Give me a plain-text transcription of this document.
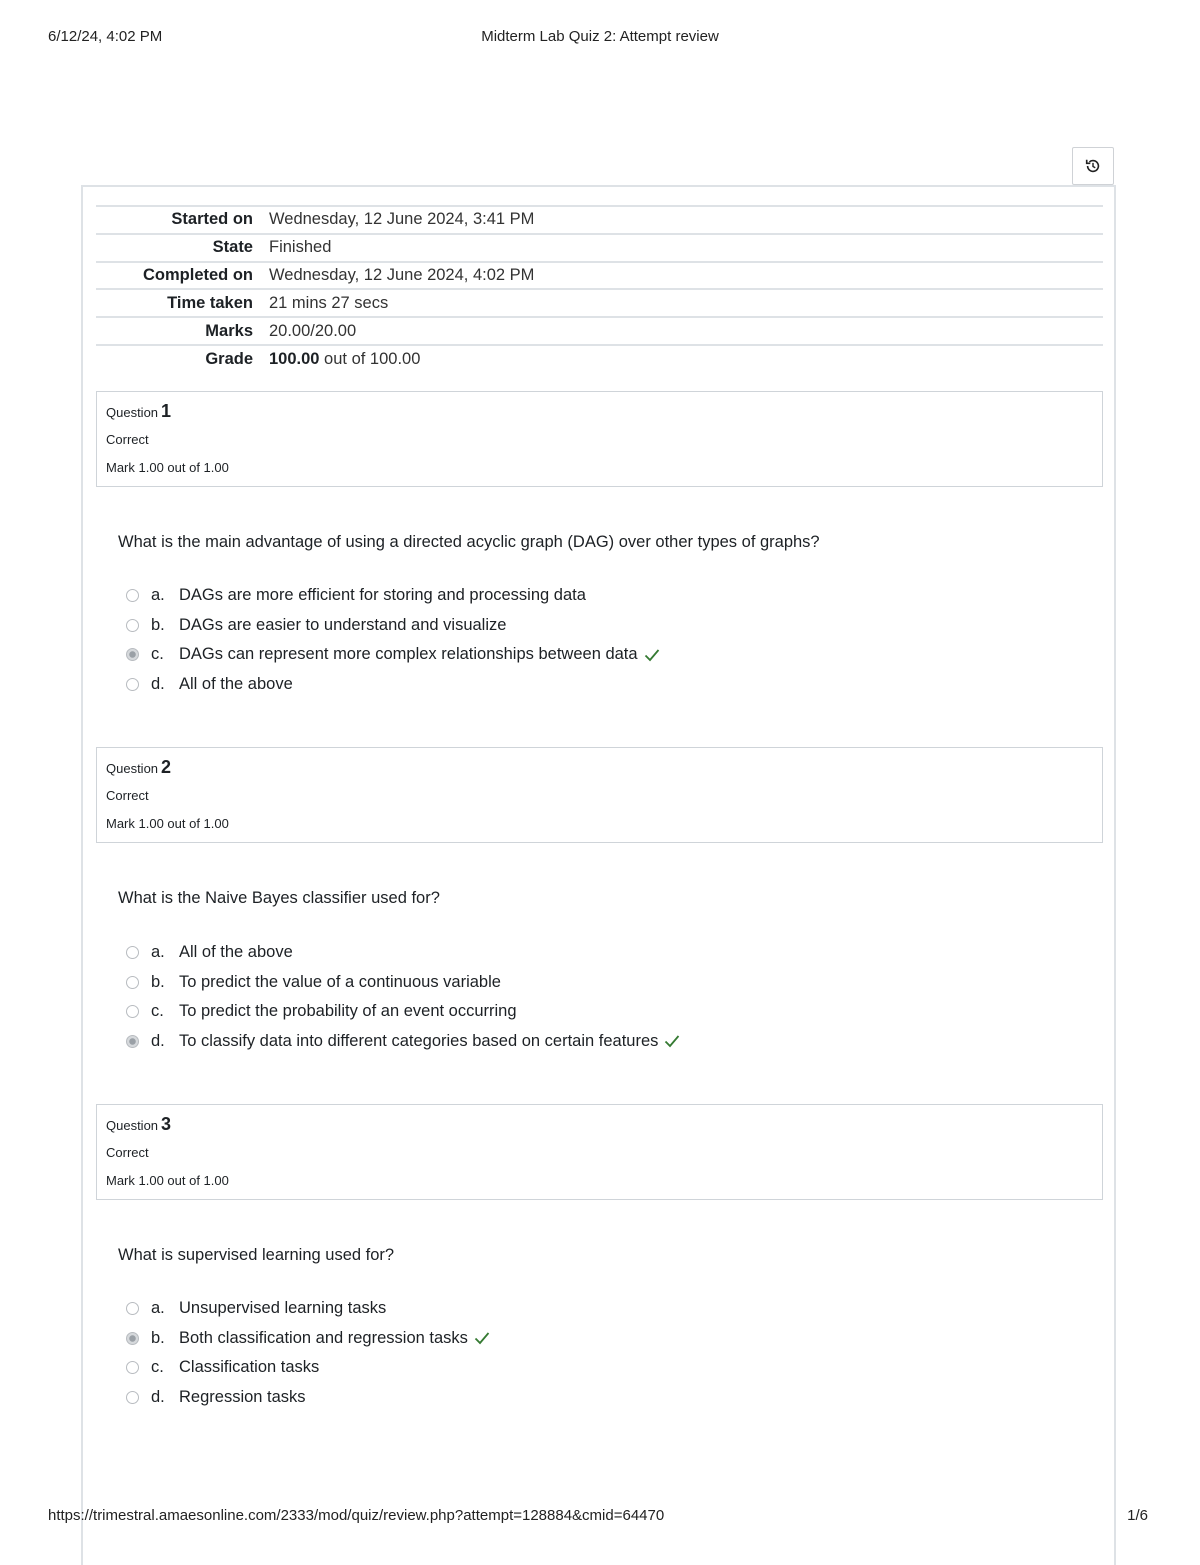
6/12/24, 4:02 PM	Midterm Lab Quiz 2: Attempt review
Started on	Wednesday, 12 June 2024, 3:41 PM
State	Finished
Completed on	Wednesday, 12 June 2024, 4:02 PM
Time taken	21 mins 27 secs
Marks	20.00/20.00
Grade	100.00 out of 100.00
Question 1
Correct
Mark 1.00 out of 1.00
What is the main advantage of using a directed acyclic graph (DAG) over other types of graphs?
a. DAGs are more efficient for storing and processing data
b. DAGs are easier to understand and visualize
c. DAGs can represent more complex relationships between data
d. All of the above
Question 2
Correct
Mark 1.00 out of 1.00
What is the Naive Bayes classifier used for?
a. All of the above
b. To predict the value of a continuous variable
c. To predict the probability of an event occurring
d. To classify data into different categories based on certain features
Question 3
Correct
Mark 1.00 out of 1.00
What is supervised learning used for?
a. Unsupervised learning tasks
b. Both classification and regression tasks
c. Classification tasks
d. Regression tasks
https://trimestral.amaesonline.com/2333/mod/quiz/review.php?attempt=128884&cmid=64470	1/6
